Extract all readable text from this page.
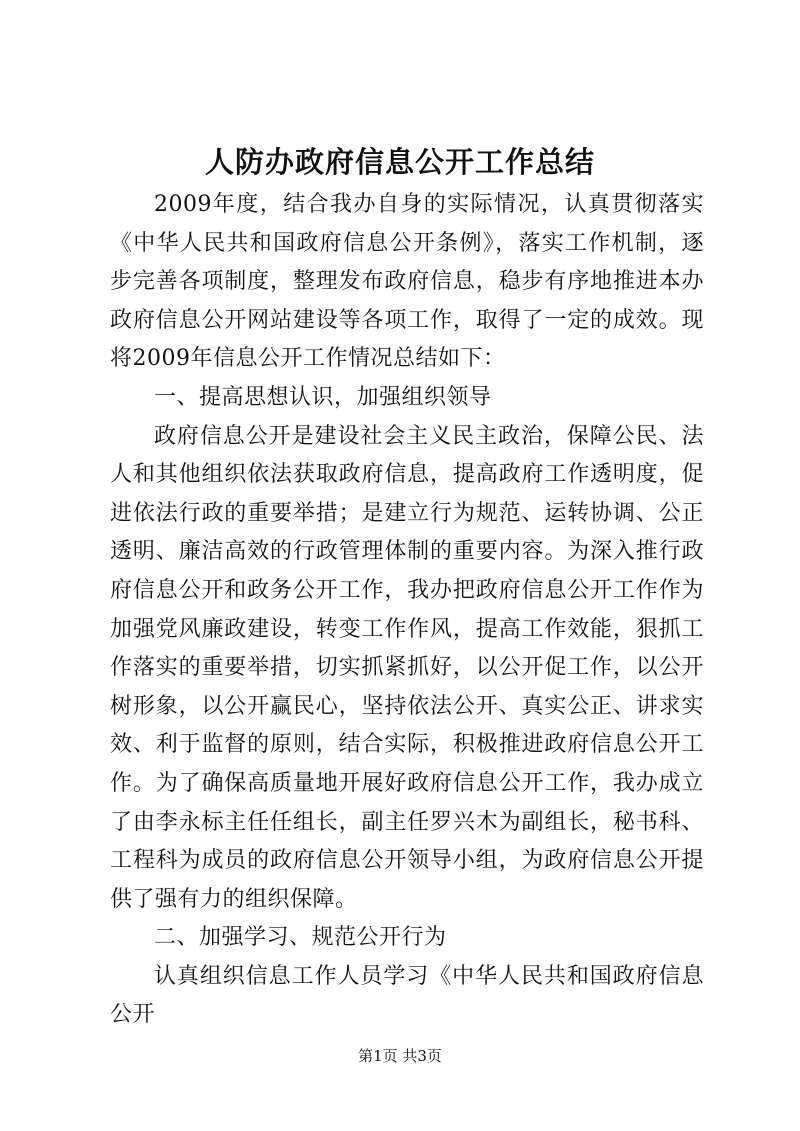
人防办政府信息公开工作总结

2009年度，结合我办自身的实际情况，认真贯彻落实《中华人民共和国政府信息公开条例》，落实工作机制，逐步完善各项制度，整理发布政府信息，稳步有序地推进本办政府信息公开网站建设等各项工作，取得了一定的成效。现将2009年信息公开工作情况总结如下：

一、提高思想认识，加强组织领导

政府信息公开是建设社会主义民主政治，保障公民、法人和其他组织依法获取政府信息，提高政府工作透明度，促进依法行政的重要举措；是建立行为规范、运转协调、公正透明、廉洁高效的行政管理体制的重要内容。为深入推行政府信息公开和政务公开工作，我办把政府信息公开工作作为加强党风廉政建设，转变工作作风，提高工作效能，狠抓工作落实的重要举措，切实抓紧抓好，以公开促工作，以公开树形象，以公开赢民心，坚持依法公开、真实公正、讲求实效、利于监督的原则，结合实际，积极推进政府信息公开工作。为了确保高质量地开展好政府信息公开工作，我办成立了由李永标主任任组长，副主任罗兴木为副组长，秘书科、工程科为成员的政府信息公开领导小组，为政府信息公开提供了强有力的组织保障。

二、加强学习、规范公开行为

认真组织信息工作人员学习《中华人民共和国政府信息公开

第1页 共3页
